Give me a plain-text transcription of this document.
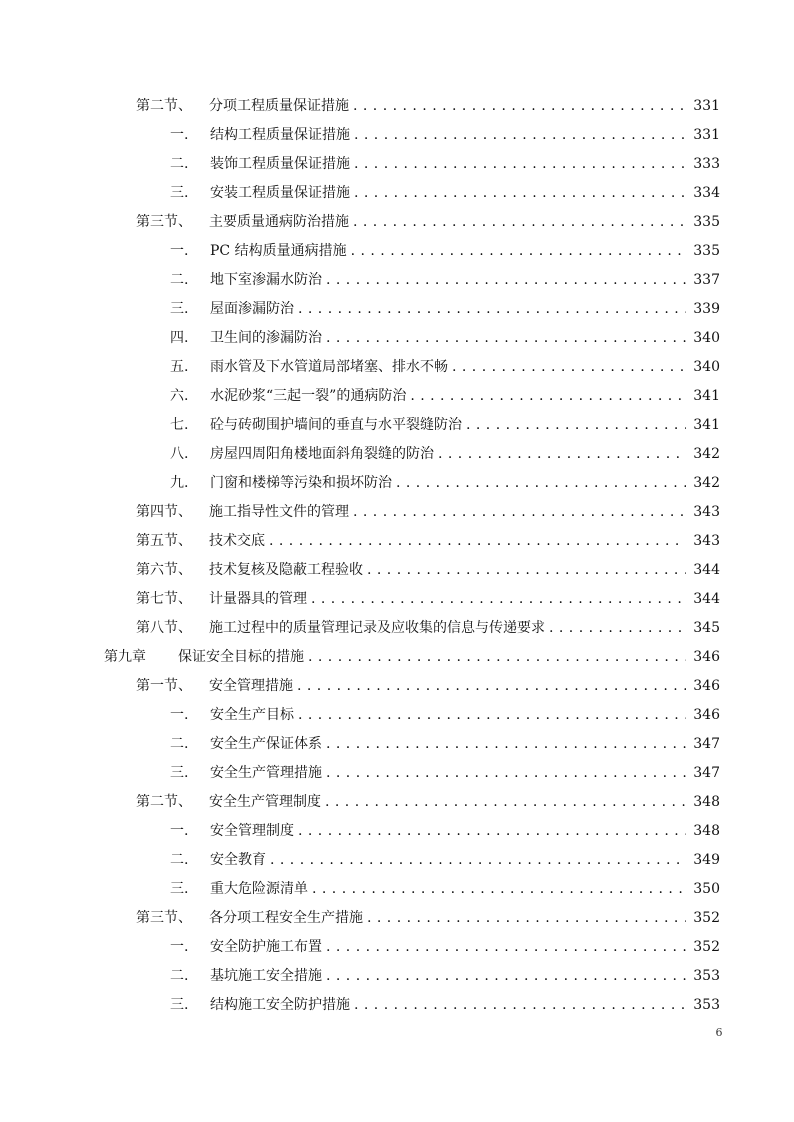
第二节、	分项工程质量保证措施 . . .	331
一.	结构工程质量保证措施 . . .	331
二.	装饰工程质量保证措施 . . .	333
三.	安装工程质量保证措施 . . .	334
第三节、	主要质量通病防治措施 . . .	335
一.	PC 结构质量通病措施 . . .	335
二.	地下室渗漏水防治 . . .	337
三.	屋面渗漏防治 . . .	339
四.	卫生间的渗漏防治 . . .	340
五.	雨水管及下水管道局部堵塞、排水不畅 . . .	340
六.	水泥砂浆“三起一裂”的通病防治 . . .	341
七.	砼与砖砌围护墙间的垂直与水平裂缝防治 . . .	341
八.	房屋四周阳角楼地面斜角裂缝的防治 . . .	342
九.	门窗和楼梯等污染和损坏防治 . . .	342
第四节、	施工指导性文件的管理 . . .	343
第五节、	技术交底 . . .	343
第六节、	技术复核及隐蔽工程验收 . . .	344
第七节、	计量器具的管理 . . .	344
第八节、	施工过程中的质量管理记录及应收集的信息与传递要求 . . .	345
第九章	保证安全目标的措施 . . .	346
第一节、	安全管理措施 . . .	346
一.	安全生产目标 . . .	346
二.	安全生产保证体系 . . .	347
三.	安全生产管理措施 . . .	347
第二节、	安全生产管理制度 . . .	348
一.	安全管理制度 . . .	348
二.	安全教育 . . .	349
三.	重大危险源清单 . . .	350
第三节、	各分项工程安全生产措施 . . .	352
一.	安全防护施工布置 . . .	352
二.	基坑施工安全措施 . . .	353
三.	结构施工安全防护措施 . . .	353
6
